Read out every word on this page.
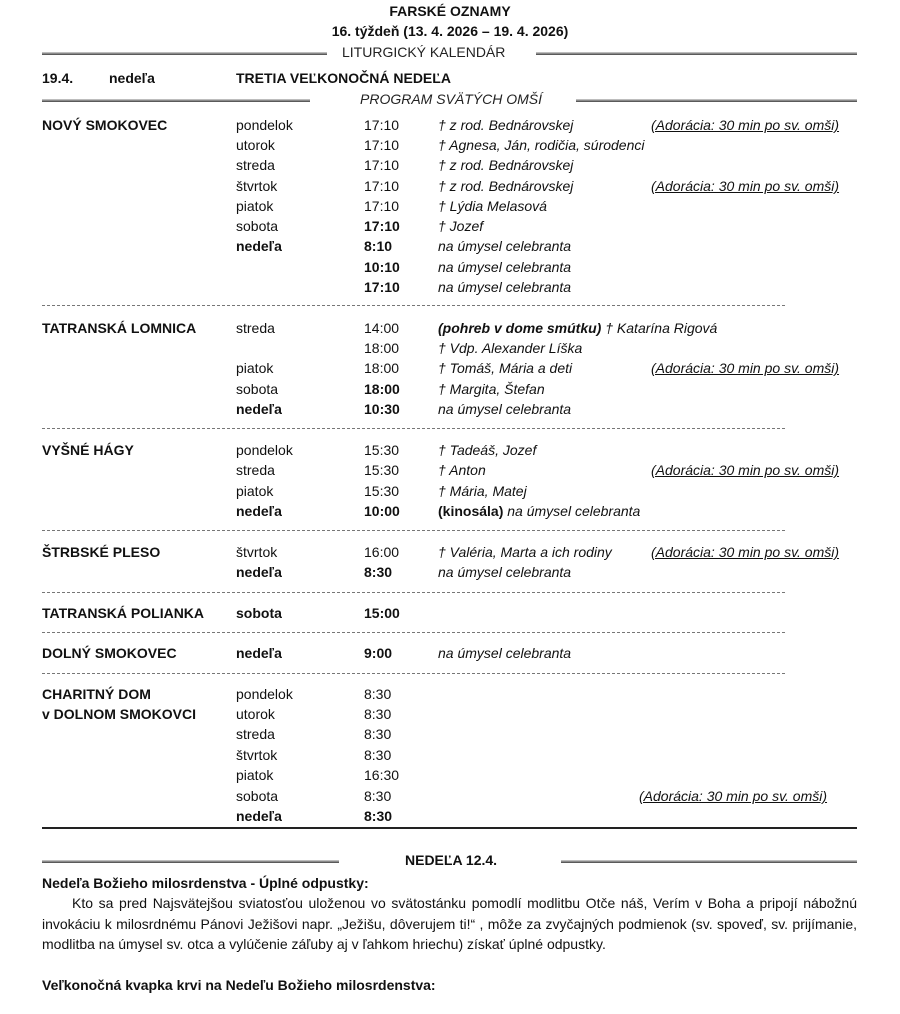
FARSKÉ OZNAMY
16. týždeň (13. 4. 2026 – 19. 4. 2026)
LITURGICKÝ KALENDÁR
19.4.	nedeľa	TRETIA VEĽKONOČNÁ NEDEĽA
PROGRAM SVÄTÝCH OMŠÍ
NOVÝ SMOKOVEC	pondelok	17:10	† z rod. Bednárovskej	(Adorácia: 30 min po sv. omši)
utorok	17:10	† Agnesa, Ján, rodičia, súrodenci
streda	17:10	† z rod. Bednárovskej
štvrtok	17:10	† z rod. Bednárovskej	(Adorácia: 30 min po sv. omši)
piatok	17:10	† Lýdia Melasová
sobota	17:10	† Jozef
nedeľa	8:10	na úmysel celebranta
10:10	na úmysel celebranta
17:10	na úmysel celebranta
TATRANSKÁ LOMNICA	streda	14:00	(pohreb v dome smútku) † Katarína Rigová
18:00	† Vdp. Alexander Líška
piatok	18:00	† Tomáš, Mária a deti	(Adorácia: 30 min po sv. omši)
sobota	18:00	† Margita, Štefan
nedeľa	10:30	na úmysel celebranta
VYŠNÉ HÁGY	pondelok	15:30	† Tadeáš, Jozef
streda	15:30	† Anton	(Adorácia: 30 min po sv. omši)
piatok	15:30	† Mária, Matej
nedeľa	10:00	(kinosála) na úmysel celebranta
ŠTRBSKÉ PLESO	štvrtok	16:00	† Valéria, Marta a ich rodiny	(Adorácia: 30 min po sv. omši)
nedeľa	8:30	na úmysel celebranta
TATRANSKÁ POLIANKA sobota	15:00
DOLNÝ SMOKOVEC	nedeľa	9:00	na úmysel celebranta
CHARITNÝ DOM
v DOLNOM SMOKOVCI
pondelok	8:30
utorok	8:30
streda	8:30
štvrtok	8:30
piatok	16:30
sobota	8:30	(Adorácia: 30 min po sv. omši)
nedeľa	8:30
NEDEĽA 12.4.
Nedeľa Božieho milosrdenstva - Úplné odpustky:

Kto sa pred Najsvätejšou sviatosťou uloženou vo svätostánku pomodlí modlitbu Otče náš, Verím v Boha a pripojí nábožnú invokáciu k milosrdnému Pánovi Ježišovi napr. „Ježišu, dôverujem ti!“ , môže za zvyčajných podmienok (sv. spoveď, sv. prijímanie, modlitba na úmysel sv. otca a vylúčenie záľuby aj v ľahkom hriechu) získať úplné odpustky.

Veľkonočná kvapka krvi na Nedeľu Božieho milosrdenstva:
